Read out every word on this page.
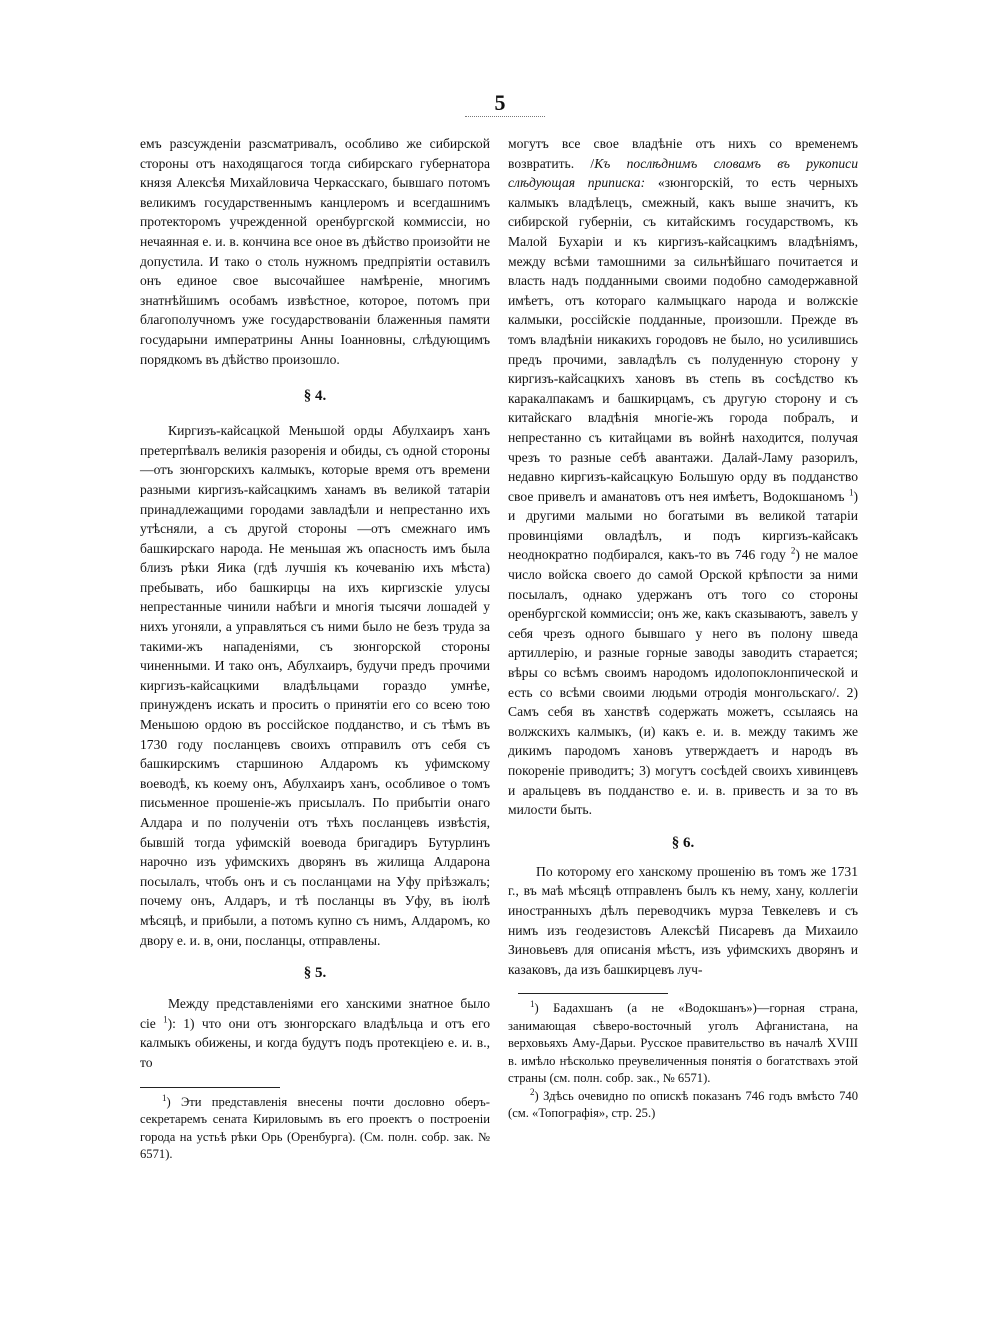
5

емъ разсужденiи разсматривалъ, особливо же сибирской стороны отъ находящагося тогда сибирскаго губернатора князя Алексѣя Михайловича Черкасскаго, бывшаго потомъ великимъ государственнымъ канцлеромъ и всегдашнимъ протекторомъ учрежденной оренбургской коммиссiи, но нечаянная е. и. в. кончина все оное въ дѣйство произойти не допустила. И тако о столь нужномъ предпрiятiи оставилъ онъ единое свое высочайшее намѣренiе, многимъ знатнѣйшимъ особамъ извѣстное, которое, потомъ при благополучномъ уже государствованiи блаженныя памяти государыни императрины Анны Iоанновны, слѣдующимъ порядкомъ въ дѣйство произошло.

§ 4.

Киргизъ-кайсацкой Меньшой орды Абулхаиръ ханъ претерпѣвалъ великiя разоренiя и обиды, съ одной стороны—отъ зюнгорскихъ калмыкъ, которые время отъ времени разными киргизъ-кайсацкимъ ханамъ въ великой татарiи принадлежащими городами завладѣли и непрестанно ихъ утѣсняли, а съ другой стороны —отъ смежнаго имъ башкирскаго народа. Не меньшая жъ опасность имъ была близъ рѣки Яика (гдѣ лучшiя къ кочеванiю ихъ мѣста) пребывать, ибо башкирцы на ихъ киргизскiе улусы непрестанные чинили набѣги и многiя тысячи лошадей у нихъ угоняли, а управляться съ ними было не безъ труда за такими-жъ нападенiями, съ зюнгорской стороны чиненными. И тако онъ, Абулхаиръ, будучи предъ прочими киргизъ-кайсацкими владѣльцами гораздо умнѣе, принужденъ искать и просить о принятiи его со всею тою Меньшою ордою въ россiйское подданство, и съ тѣмъ въ 1730 году посланцевъ своихъ отправилъ отъ себя съ башкирскимъ старшиною Алдаромъ къ уфимскому воеводѣ, къ коему онъ, Абулхаиръ ханъ, особливое о томъ письменное прошенiе-жъ присылалъ. По прибытiи онаго Алдара и по полученiи отъ тѣхъ посланцевъ извѣстiя, бывшiй тогда уфимскiй воевода бригадиръ Бутурлинъ нарочно изъ уфимскихъ дворянъ въ жилища Алдарона посылалъ, чтобъ онъ и съ посланцами на Уфу прiѣзжалъ; почему онъ, Алдаръ, и тѣ посланцы въ Уфу, въ iюлѣ мѣсяцѣ, и прибыли, а потомъ купно съ нимъ, Алдаромъ, ко двору е. и. в, они, посланцы, отправлены.

§ 5.

Между представленiями его ханскими знатное было сiе $^1$): 1) что они отъ зюнгорскаго владѣльца и отъ его калмыкъ обижены, и когда будутъ подъ протекцiею е. и. в., то

$^1$) Эти представленiя внесены почти дословно оберъ-секретаремъ сената Кириловымъ въ его проектъ о построенiи города на устьѣ рѣки Орь (Оренбурга). (См. полн. собр. зак. № 6571).

могутъ все свое владѣнiе отъ нихъ со временемъ возвратить. /Къ послѣднимъ словамъ въ рукописи слѣдующая приписка: «зюнгорскiй, то есть черныхъ калмыкъ владѣлецъ, смежный, какъ выше значитъ, къ сибирской губернiи, съ китайскимъ государствомъ, къ Малой Бухарiи и къ киргизъ-кайсацкимъ владѣнiямъ, между всѣми тамошними за сильнѣйшаго почитается и власть надъ подданными своими подобно самодержавной имѣетъ, отъ котораго калмыцкаго народа и волжскiе калмыки, россiйскiе подданные, произошли. Прежде въ томъ владѣнiи никакихъ городовъ не было, но усилившись предъ прочими, завладѣлъ съ полуденную сторону у киргизъ-кайсацкихъ хановъ въ степь въ сосѣдство къ каракалпакамъ и башкирцамъ, съ другую сторону и съ китайскаго владѣнiя многiе-жъ города побралъ, и непрестанно съ китайцами въ войнѣ находится, получая чрезъ то разные себѣ авантажи. Далай-Ламу разорилъ, недавно киргизъ-кайсацкую Большую орду въ подданство свое привелъ и аманатовъ отъ нея имѣетъ, Водокшаномъ $^1$) и другими малыми но богатыми въ великой татарiи провинцiями овладѣлъ, и подъ киргизъ-кайсакъ неоднократно подбирался, какъ-то въ 746 году $^2$) не малое число войска своего до самой Орской крѣпости за ними посылалъ, однако удержанъ отъ того со стороны оренбургской коммиссiи; онъ же, какъ сказываютъ, завелъ у себя чрезъ одного бывшаго у него въ полону шведа артиллерiю, и разные горные заводы заводить старается; вѣры со всѣмъ своимъ народомъ идолопоклонпической и есть со всѣми своими людьми отродiя монгольскаго/. 2) Самъ себя въ ханствѣ содержать можетъ, ссылаясь на волжскихъ калмыкъ, (и) какъ е. и. в. между такимъ же дикимъ пародомъ хановъ утверждаетъ и народъ въ покоренiе приводитъ; 3) могутъ сосѣдей своихъ хивинцевъ и аральцевъ въ подданство е. и. в. привесть и за то въ милости быть.

§ 6.

По которому его ханскому прошенiю въ томъ же 1731 г., въ маѣ мѣсяцѣ отправленъ былъ къ нему, хану, коллегiи иностранныхъ дѣлъ переводчикъ мурза Тевкелевъ и съ нимъ изъ геодезистовъ Алексѣй Писаревъ да Михаило Зиновьевъ для описанiя мѣстъ, изъ уфимскихъ дворянъ и казаковъ, да изъ башкирцевъ луч-

$^1$) Бадахшанъ (а не «Водокшанъ»)—горная страна, занимающая сѣверо-восточный уголъ Афганистана, на верховьяхъ Аму-Дарьи. Русское правительство въ началѣ XVIII в. имѣло нѣсколько преувеличенныя понятiя о богатствахъ этой страны (см. полн. собр. зак., № 6571).

$^2$) Здѣсь очевидно по опискѣ показанъ 746 годъ вмѣсто 740 (см. «Топографiя», стр. 25.)
